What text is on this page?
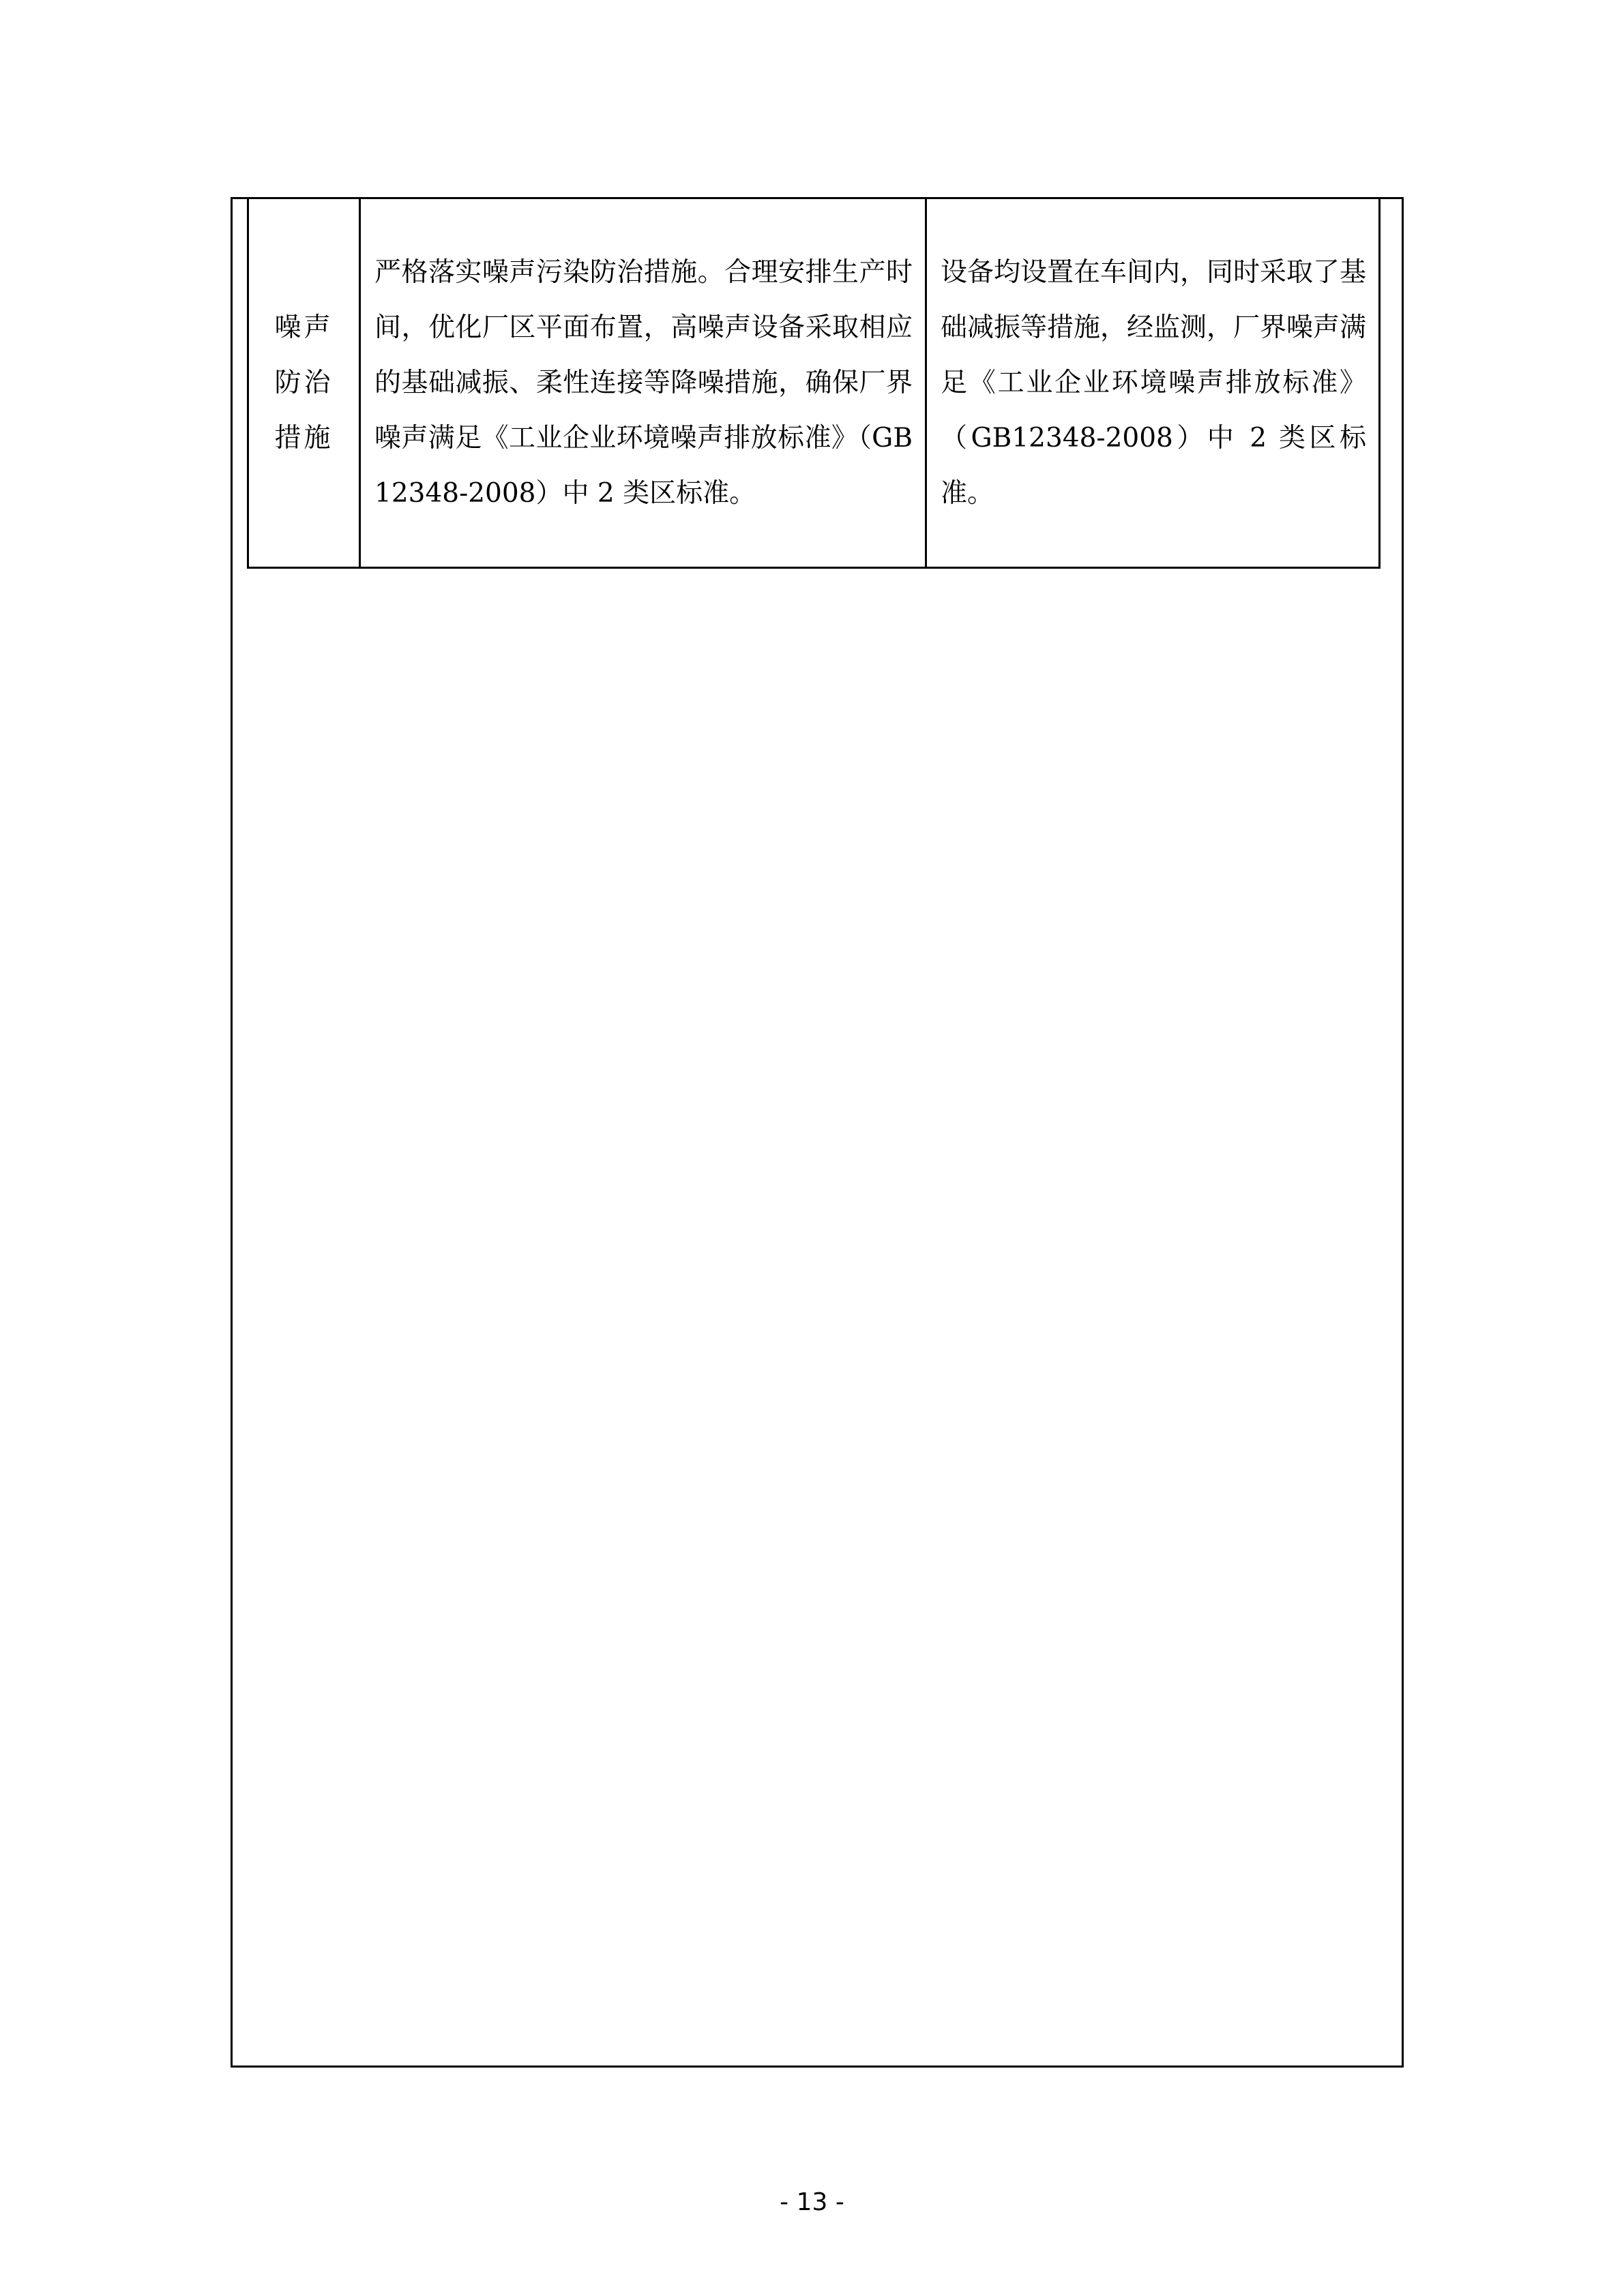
噪声
防治
措施
	严格落实噪声污染防治措施。合理安排生产时间，优化厂区平面布置，高噪声设备采取相应的基础减振、柔性连接等降噪措施，确保厂界噪声满足《工业企业环境噪声排放标准》（GB12348-2008）中 2 类区标准。	设备均设置在车间内，同时采取了基础减振等措施，经监测，厂界噪声满足《工业企业环境噪声排放标准》（GB12348-2008）中 2 类区标准。
- 13 -
